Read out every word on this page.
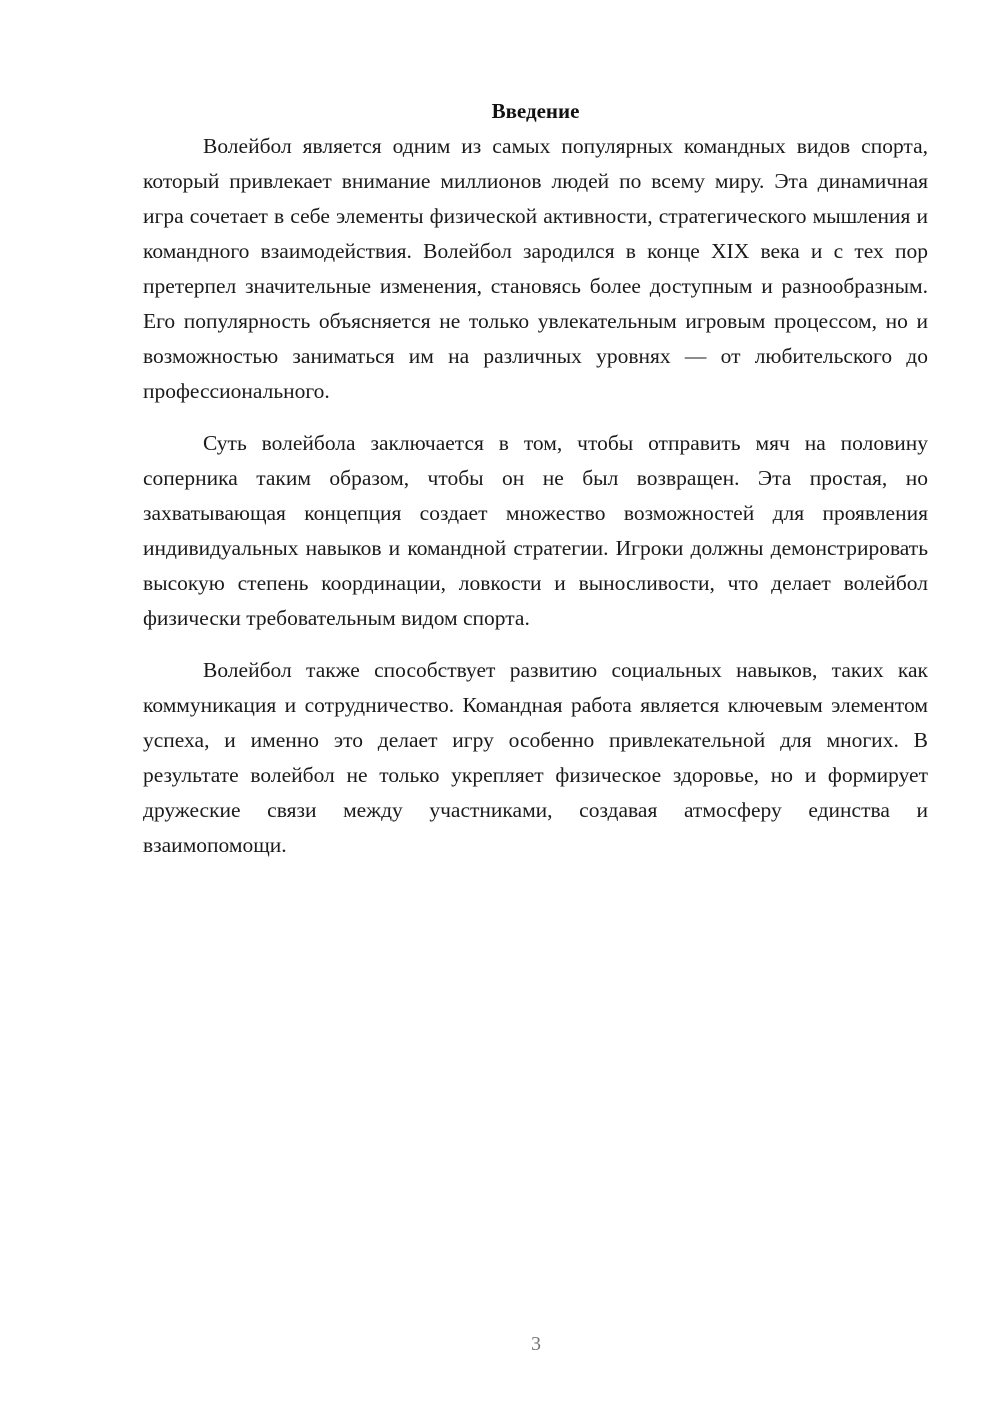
Введение

Волейбол является одним из самых популярных командных видов спорта, который привлекает внимание миллионов людей по всему миру. Эта динамичная игра сочетает в себе элементы физической активности, стратегического мышления и командного взаимодействия. Волейбол зародился в конце XIX века и с тех пор претерпел значительные изменения, становясь более доступным и разнообразным. Его популярность объясняется не только увлекательным игровым процессом, но и возможностью заниматься им на различных уровнях — от любительского до профессионального.

Суть волейбола заключается в том, чтобы отправить мяч на половину соперника таким образом, чтобы он не был возвращен. Эта простая, но захватывающая концепция создает множество возможностей для проявления индивидуальных навыков и командной стратегии. Игроки должны демонстрировать высокую степень координации, ловкости и выносливости, что делает волейбол физически требовательным видом спорта.

Волейбол также способствует развитию социальных навыков, таких как коммуникация и сотрудничество. Командная работа является ключевым элементом успеха, и именно это делает игру особенно привлекательной для многих. В результате волейбол не только укрепляет физическое здоровье, но и формирует дружеские связи между участниками, создавая атмосферу единства и взаимопомощи.

3
